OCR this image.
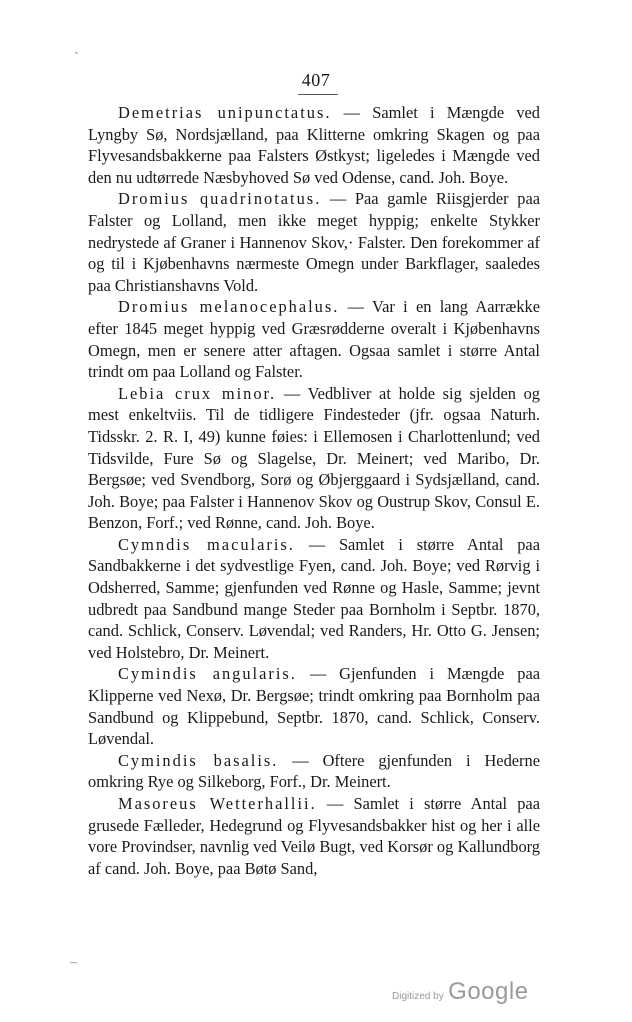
ˎ
407

Demetrias unipunctatus. — Samlet i Mængde ved Lyngby Sø, Nordsjælland, paa Klitterne omkring Skagen og paa Flyvesandsbakkerne paa Falsters Østkyst; ligeledes i Mængde ved den nu udtørrede Næsbyhoved Sø ved Odense, cand. Joh. Boye.

Dromius quadrinotatus. — Paa gamle Riisgjerder paa Falster og Lolland, men ikke meget hyppig; enkelte Stykker nedrystede af Graner i Hannenov Skov,· Falster. Den forekommer af og til i Kjøbenhavns nærmeste Omegn under Barkflager, saaledes paa Christianshavns Vold.

Dromius melanocephalus. — Var i en lang Aarrække efter 1845 meget hyppig ved Græsrødderne overalt i Kjøbenhavns Omegn, men er senere atter aftagen. Ogsaa samlet i større Antal trindt om paa Lolland og Falster.

Lebia crux minor. — Vedbliver at holde sig sjelden og mest enkeltviis. Til de tidligere Findesteder (jfr. ogsaa Naturh. Tidsskr. 2. R. I, 49) kunne føies: i Ellemosen i Charlottenlund; ved Tidsvilde, Fure Sø og Slagelse, Dr. Meinert; ved Maribo, Dr. Bergsøe; ved Svendborg, Sorø og Øbjerggaard i Sydsjælland, cand. Joh. Boye; paa Falster i Hannenov Skov og Oustrup Skov, Consul E. Benzon, Forf.; ved Rønne, cand. Joh. Boye.

Cymndis macularis. — Samlet i større Antal paa Sandbakkerne i det sydvestlige Fyen, cand. Joh. Boye; ved Rørvig i Odsherred, Samme; gjenfunden ved Rønne og Hasle, Samme; jevnt udbredt paa Sandbund mange Steder paa Bornholm i Septbr. 1870, cand. Schlick, Conserv. Løvendal; ved Randers, Hr. Otto G. Jensen; ved Holstebro, Dr. Meinert.

Cymindis angularis. — Gjenfunden i Mængde paa Klipperne ved Nexø, Dr. Bergsøe; trindt omkring paa Bornholm paa Sandbund og Klippebund, Septbr. 1870, cand. Schlick, Conserv. Løvendal.

Cymindis basalis. — Oftere gjenfunden i Hederne omkring Rye og Silkeborg, Forf., Dr. Meinert.

Masoreus Wetterhallii. — Samlet i større Antal paa grusede Fælleder, Hedegrund og Flyvesandsbakker hist og her i alle vore Provindser, navnlig ved Veilø Bugt, ved Korsør og Kallundborg af cand. Joh. Boye, paa Bøtø Sand,

–
Digitized by Google
